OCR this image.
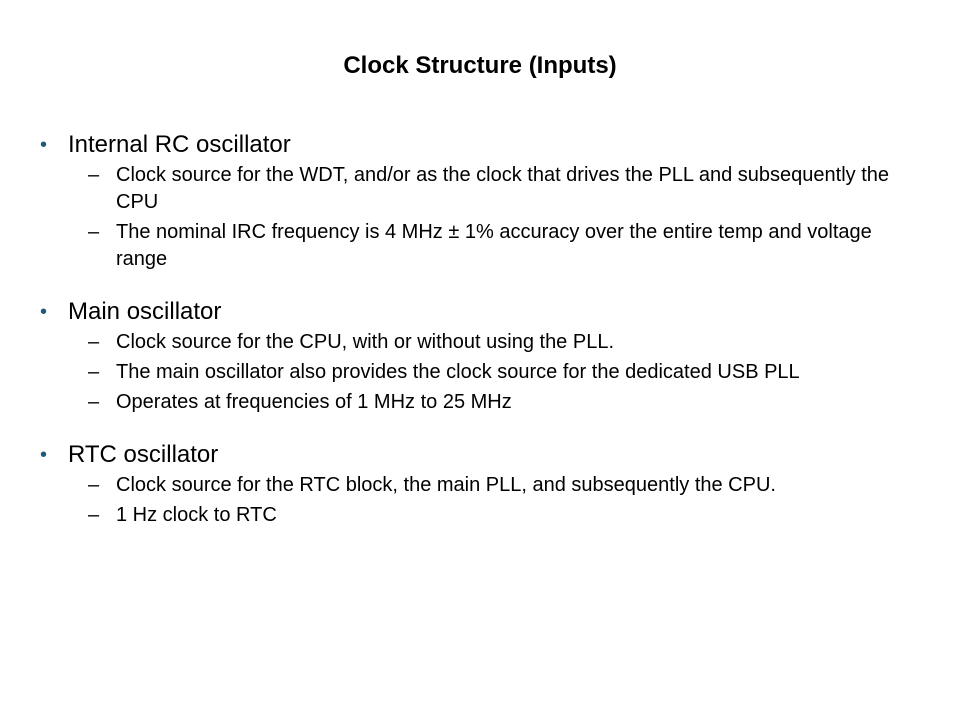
Clock Structure (Inputs)
• Internal RC oscillator
– Clock source for the WDT, and/or as the clock that drives the PLL and subsequently the CPU
– The nominal IRC frequency is 4 MHz ± 1% accuracy over the entire temp and voltage range
• Main oscillator
– Clock source for the CPU, with or without using the PLL.
– The main oscillator also provides the clock source for the dedicated USB PLL
– Operates at frequencies of 1 MHz to 25 MHz
• RTC oscillator
– Clock source for the RTC block, the main PLL, and subsequently the CPU.
– 1 Hz clock to RTC
